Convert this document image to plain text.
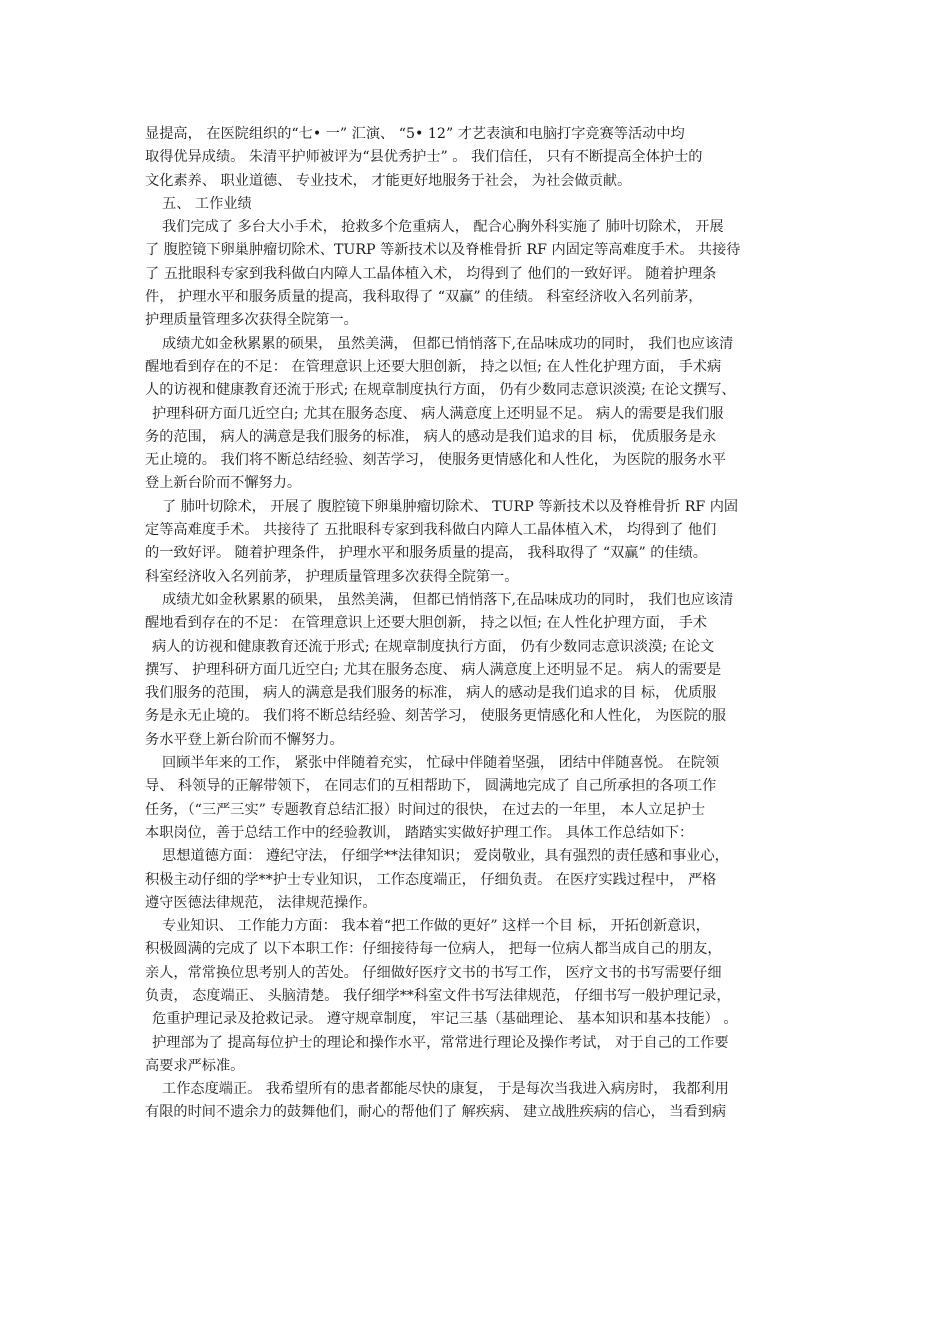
显提高， 在医院组织的“七• 一” 汇演、 “5• 12” 才艺表演和电脑打字竞赛等活动中均
取得优异成绩。 朱清平护师被评为“县优秀护士” 。 我们信任， 只有不断提高全体护士的
文化素养、 职业道德、 专业技术， 才能更好地服务于社会， 为社会做贡献。
五、 工作业绩
我们完成了 多台大小手术， 抢救多个危重病人， 配合心胸外科实施了 肺叶切除术， 开展
了 腹腔镜下卵巢肿瘤切除术、TURP 等新技术以及脊椎骨折 RF 内固定等高难度手术。 共接待
了 五批眼科专家到我科做白内障人工晶体植入术， 均得到了 他们的一致好评。 随着护理条
件， 护理水平和服务质量的提高，我科取得了 “双赢” 的佳绩。 科室经济收入名列前茅，
护理质量管理多次获得全院第一。
成绩尤如金秋累累的硕果， 虽然美满， 但都已悄悄落下,在品味成功的同时， 我们也应该清
醒地看到存在的不足： 在管理意识上还要大胆创新， 持之以恒; 在人性化护理方面， 手术病
人的访视和健康教育还流于形式; 在规章制度执行方面， 仍有少数同志意识淡漠; 在论文撰写、
护理科研方面几近空白; 尤其在服务态度、 病人满意度上还明显不足。 病人的需要是我们服
务的范围， 病人的满意是我们服务的标准， 病人的感动是我们追求的目 标， 优质服务是永
无止境的。 我们将不断总结经验、刻苦学习， 使服务更情感化和人性化， 为医院的服务水平
登上新台阶而不懈努力。
了 肺叶切除术， 开展了 腹腔镜下卵巢肿瘤切除术、 TURP 等新技术以及脊椎骨折 RF 内固
定等高难度手术。 共接待了 五批眼科专家到我科做白内障人工晶体植入术， 均得到了 他们
的一致好评。 随着护理条件， 护理水平和服务质量的提高， 我科取得了 “双赢” 的佳绩。
科室经济收入名列前茅， 护理质量管理多次获得全院第一。
成绩尤如金秋累累的硕果， 虽然美满， 但都已悄悄落下,在品味成功的同时， 我们也应该清
醒地看到存在的不足： 在管理意识上还要大胆创新， 持之以恒; 在人性化护理方面， 手术
病人的访视和健康教育还流于形式; 在规章制度执行方面， 仍有少数同志意识淡漠; 在论文
撰写、 护理科研方面几近空白; 尤其在服务态度、 病人满意度上还明显不足。 病人的需要是
我们服务的范围， 病人的满意是我们服务的标准， 病人的感动是我们追求的目 标， 优质服
务是永无止境的。 我们将不断总结经验、刻苦学习， 使服务更情感化和人性化， 为医院的服
务水平登上新台阶而不懈努力。
回顾半年来的工作， 紧张中伴随着充实， 忙碌中伴随着坚强， 团结中伴随喜悦。 在院领
导、 科领导的正解带领下， 在同志们的互相帮助下， 圆满地完成了 自己所承担的各项工作
任务，（“三严三实” 专题教育总结汇报）时间过的很快， 在过去的一年里， 本人立足护士
本职岗位，善于总结工作中的经验教训， 踏踏实实做好护理工作。 具体工作总结如下：
思想道德方面： 遵纪守法， 仔细学**法律知识； 爱岗敬业，具有强烈的责任感和事业心，
积极主动仔细的学**护士专业知识， 工作态度端正， 仔细负责。 在医疗实践过程中， 严格
遵守医德法律规范， 法律规范操作。
专业知识、 工作能力方面： 我本着“把工作做的更好” 这样一个目 标， 开拓创新意识，
积极圆满的完成了 以下本职工作：仔细接待每一位病人， 把每一位病人都当成自己的朋友，
亲人，常常换位思考别人的苦处。 仔细做好医疗文书的书写工作， 医疗文书的书写需要仔细
负责， 态度端正、 头脑清楚。 我仔细学**科室文件书写法律规范， 仔细书写一般护理记录，
危重护理记录及抢救记录。 遵守规章制度， 牢记三基（基础理论、 基本知识和基本技能） 。
护理部为了 提高每位护士的理论和操作水平，常常进行理论及操作考试， 对于自己的工作要
高要求严标准。
工作态度端正。 我希望所有的患者都能尽快的康复， 于是每次当我进入病房时， 我都利用
有限的时间不遗余力的鼓舞他们，耐心的帮他们了 解疾病、 建立战胜疾病的信心， 当看到病
